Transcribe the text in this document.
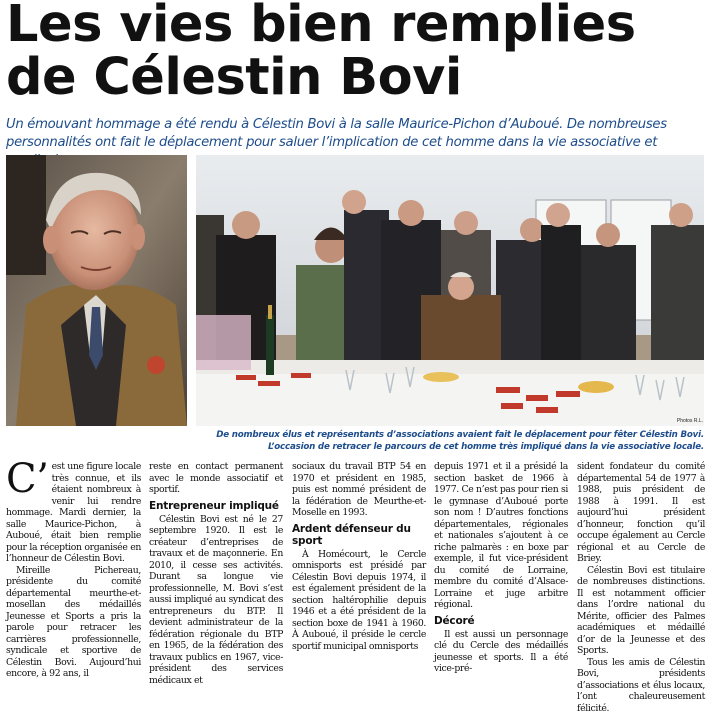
Les vies bien remplies
de Célestin Bovi
Un émouvant hommage a été rendu à Célestin Bovi à la salle Maurice-Pichon d’Auboué. De nombreuses personnalités ont fait le déplacement pour saluer l’implication de cet homme dans la vie associative et
Photos R.L.
De nombreux élus et représentants d’associations avaient fait le déplacement pour fêter Célestin Bovi.
L’occasion de retracer le parcours de cet homme très impliqué dans la vie associative locale.

C’ est une figure locale très connue, et ils étaient nombreux à venir lui rendre hommage. Mardi dernier, la salle Maurice-Pichon, à Auboué, était bien remplie pour la réception organisée en l’honneur de Célestin Bovi.

Mireille Pichereau, présidente du comité départemental meurthe-et-mosellan des médaillés Jeunesse et Sports a pris la parole pour retracer les carrières professionnelle, syndicale et sportive de Célestin Bovi. Aujourd’hui encore, à 92 ans, il

reste en contact permanent avec le monde associatif et sportif.

Entrepreneur impliqué

Célestin Bovi est né le 27 septembre 1920. Il est le créateur d’entreprises de travaux et de maçonnerie. En 2010, il cesse ses activités. Durant sa longue vie professionnelle, M. Bovi s’est aussi impliqué au syndicat des entrepreneurs du BTP. Il devient administrateur de la fédération régionale du BTP en 1965, de la fédération des travaux publics en 1967, vice-président des services médicaux et

sociaux du travail BTP 54 en 1970 et président en 1985, puis est nommé président de la fédération de Meurthe-et-Moselle en 1993.

Ardent défenseur du sport

À Homécourt, le Cercle omnisports est présidé par Célestin Bovi depuis 1974, il est également président de la section haltérophilie depuis 1946 et a été président de la section boxe de 1941 à 1960. À Auboué, il préside le cercle sportif municipal omnisports

depuis 1971 et il a présidé la section basket de 1966 à 1977. Ce n’est pas pour rien si le gymnase d’Auboué porte son nom ! D’autres fonctions départementales, régionales et nationales s’ajoutent à ce riche palmarès : en boxe par exemple, il fut vice-président du comité de Lorraine, membre du comité d’Alsace-Lorraine et juge arbitre régional.

Décoré

Il est aussi un personnage clé du Cercle des médaillés jeunesse et sports. Il a été vice-pré-

sident fondateur du comité départemental 54 de 1977 à 1988, puis président de 1988 à 1991. Il est aujourd’hui président d’honneur, fonction qu’il occupe également au Cercle régional et au Cercle de Briey.

Célestin Bovi est titulaire de nombreuses distinctions. Il est notamment officier dans l’ordre national du Mérite, officier des Palmes académiques et médaillé d’or de la Jeunesse et des Sports.

Tous les amis de Célestin Bovi, présidents d’associations et élus locaux, l’ont chaleureusement félicité.
